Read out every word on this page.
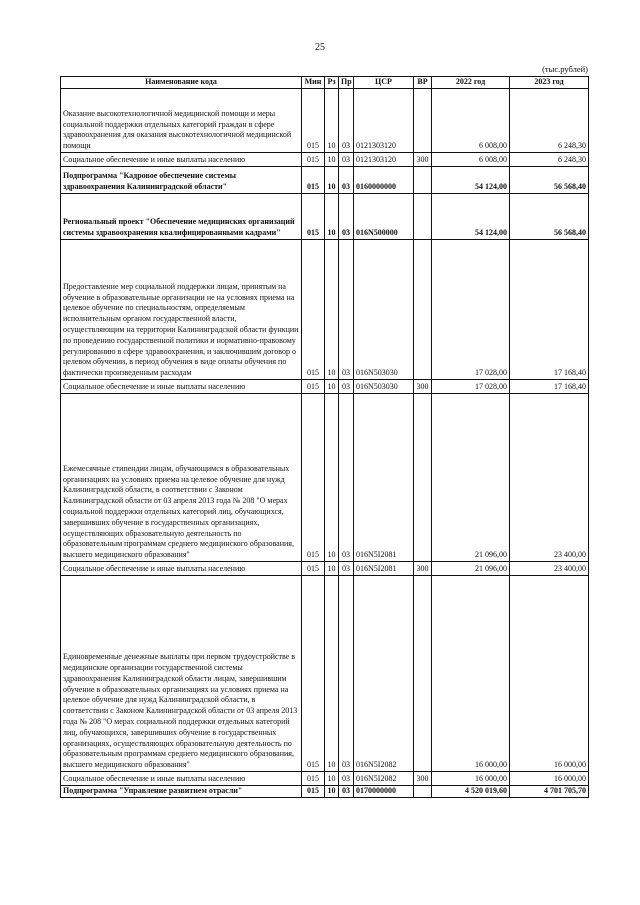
25
(тыс.рублей)
Наименование кода	Мин	Рз	Пр	ЦСР	ВР	2022 год	2023 год
Оказание высокотехнологичной медицинской помощи и меры социальной поддержки отдельных категорий граждан в сфере здравоохранения для оказания высокотехнологичной медицинской помощи	015	10	03	0121303120		6 008,00	6 248,30
Социальное обеспечение и иные выплаты населению	015	10	03	0121303120	300	6 008,00	6 248,30
Подпрограмма "Кадровое обеспечение системы здравоохранения Калининградской области"	015	10	03	0160000000		54 124,00	56 568,40
Региональный проект "Обеспечение медицинских организаций системы здравоохранения квалифицированными кадрами"	015	10	03	016N500000		54 124,00	56 568,40
Предоставление мер социальной поддержки лицам, принятым на обучение в образовательные организации не на условиях приема на целевое обучение по специальностям, определяемым исполнительным органом государственной власти, осуществляющим на территории Калининградской области функции по проведению государственной политики и нормативно-правовому регулированию в сфере здравоохранения, и заключившим договор о целевом обучении, в период обучения в виде оплаты обучения по фактически произведенным расходам	015	10	03	016N503030		17 028,00	17 168,40
Социальное обеспечение и иные выплаты населению	015	10	03	016N503030	300	17 028,00	17 168,40
Ежемесячные стипендии лицам, обучающимся в образовательных организациях на условиях приема на целевое обучение для нужд Калининградской области, в соответствии с Законом Калининградской области от 03 апреля 2013 года № 208 "О мерах социальной поддержки отдельных категорий лиц, обучающихся, завершивших обучение в государственных организациях, осуществляющих образовательную деятельность по образовательным программам среднего медицинского образования, высшего медицинского образования"	015	10	03	016N5I2081		21 096,00	23 400,00
Социальное обеспечение и иные выплаты населению	015	10	03	016N5I2081	300	21 096,00	23 400,00
Единовременные денежные выплаты при первом трудоустройстве в медицинские организации государственной системы здравоохранения Калининградской области лицам, завершившим обучение в образовательных организациях на условиях приема на целевое обучение для нужд Калининградской области, в соответствии с Законом Калининградской области от 03 апреля 2013 года № 208 "О мерах социальной поддержки отдельных категорий лиц, обучающихся, завершивших обучение в государственных организациях, осуществляющих образовательную деятельность по образовательным программам среднего медицинского образования, высшего медицинского образования"	015	10	03	016N5I2082		16 000,00	16 000,00
Социальное обеспечение и иные выплаты населению	015	10	03	016N5I2082	300	16 000,00	16 000,00
Подпрограмма "Управление развитием отрасли"	015	10	03	0170000000		4 520 019,60	4 701 705,70
